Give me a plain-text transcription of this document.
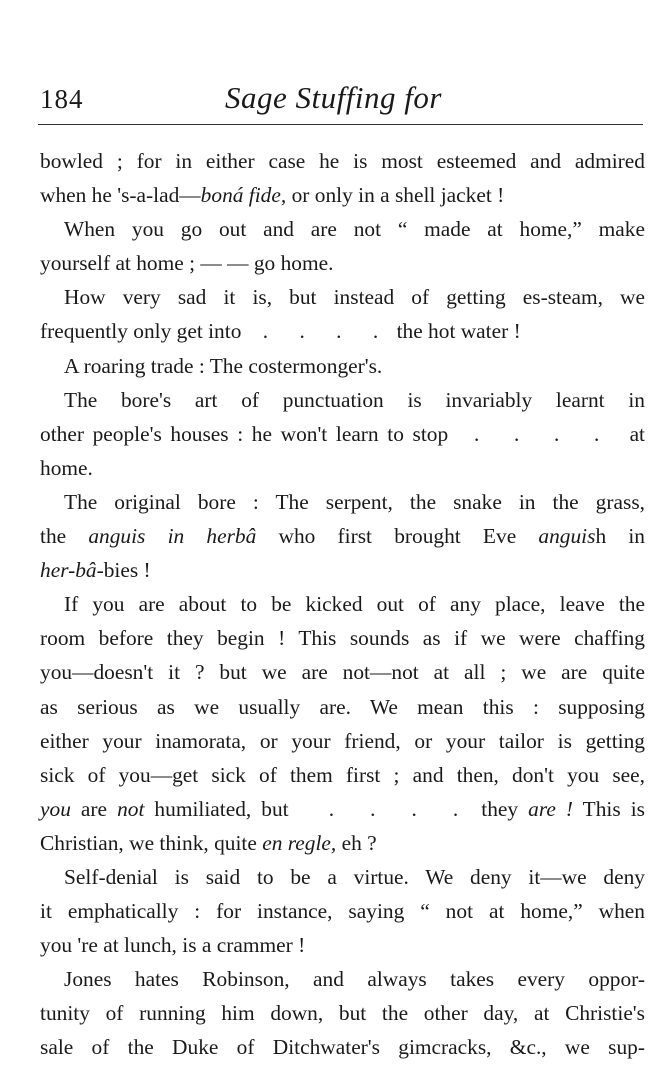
184	Sage Stuffing for
bowled ; for in either case he is most esteemed and admired
when he 's-a-lad—boná fide, or only in a shell jacket !
When you go out and are not “ made at home,” make
yourself at home ; — — go home.
How very sad it is, but instead of getting es-steam, we
frequently only get into . . . . the hot water !
A roaring trade : The costermonger's.
The bore's art of punctuation is invariably learnt in
other people's houses : he won't learn to stop . . . . at
home.
The original bore : The serpent, the snake in the grass,
the anguis in herbâ who first brought Eve anguish in
her-bâ-bies !
If you are about to be kicked out of any place, leave the
room before they begin ! This sounds as if we were chaffing
you—doesn't it ? but we are not—not at all ; we are quite
as serious as we usually are. We mean this : supposing
either your inamorata, or your friend, or your tailor is getting
sick of you—get sick of them first ; and then, don't you see,
you are not humiliated, but . . . . they are ! This is
Christian, we think, quite en regle, eh ?
Self-denial is said to be a virtue. We deny it—we deny
it emphatically : for instance, saying “ not at home,” when
you 're at lunch, is a crammer !
Jones hates Robinson, and always takes every oppor-
tunity of running him down, but the other day, at Christie's
sale of the Duke of Ditchwater's gimcracks, &c., we sup-
